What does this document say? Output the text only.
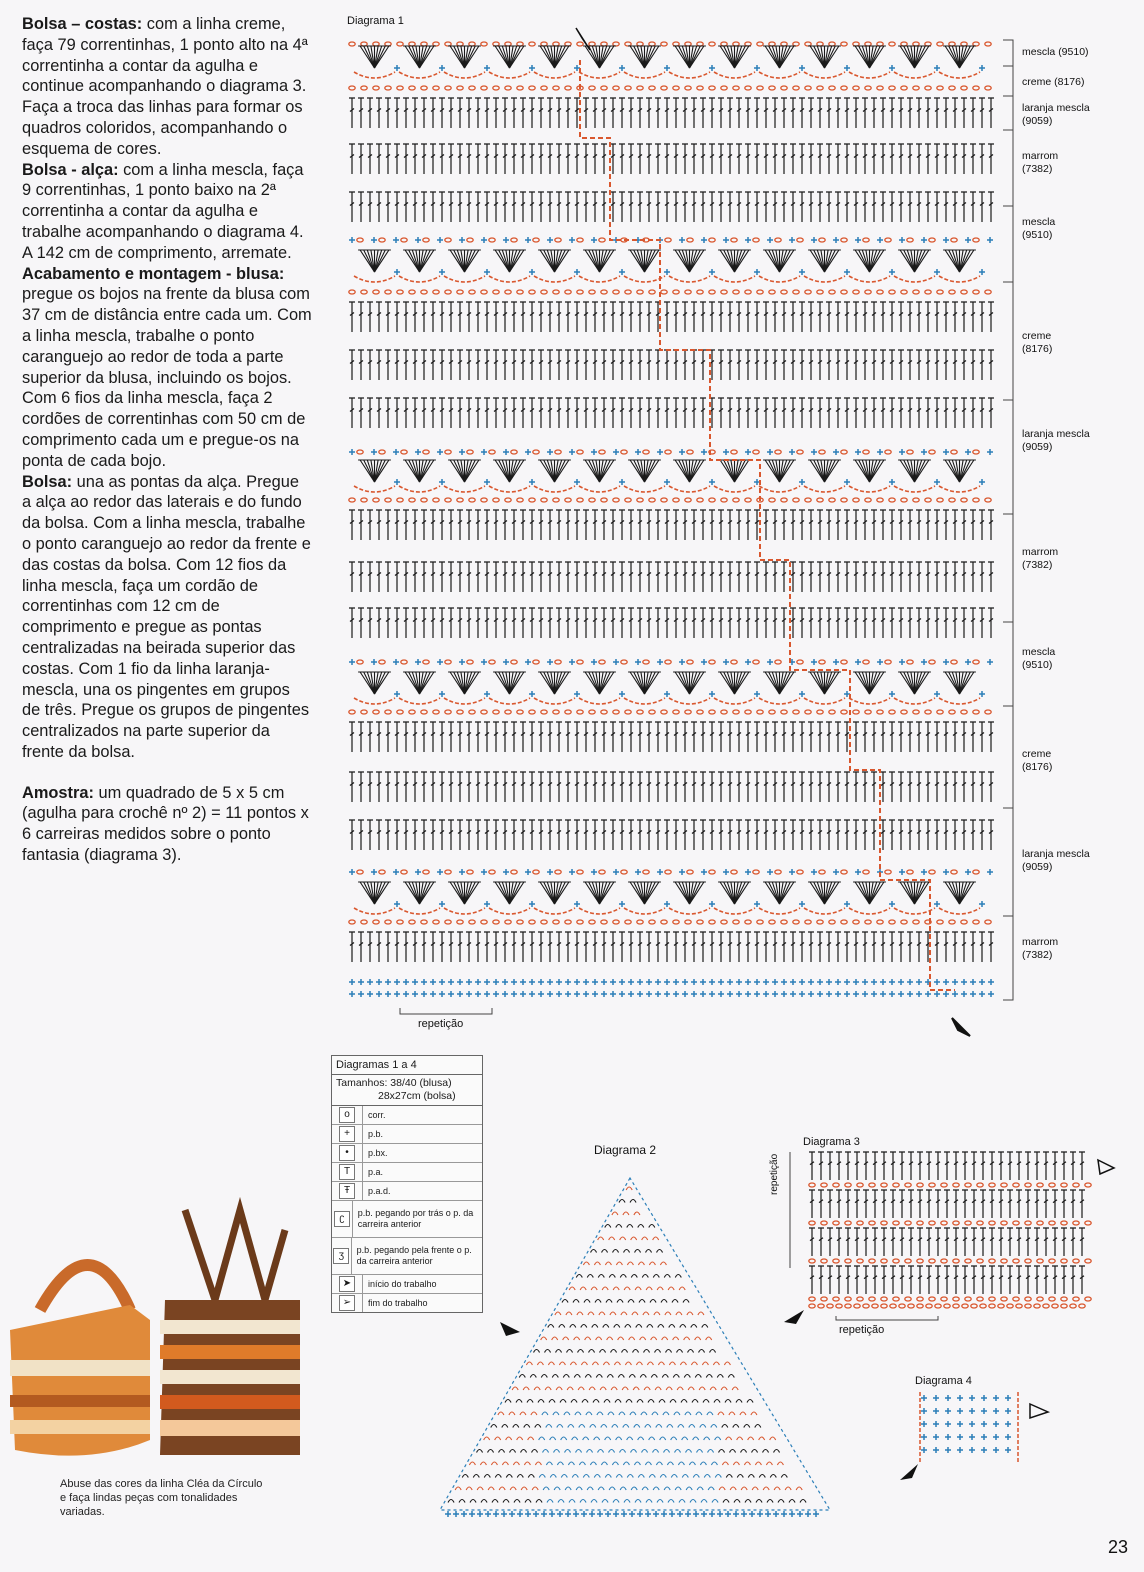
Bolsa – costas: com a linha creme, faça 79 correntinhas, 1 ponto alto na 4ª correntinha a contar da agulha e continue acompanhando o diagrama 3. Faça a troca das linhas para formar os quadros coloridos, acompanhando o esquema de cores.

Bolsa - alça: com a linha mescla, faça 9 correntinhas, 1 ponto baixo na 2ª correntinha a contar da agulha e trabalhe acompanhando o diagrama 4. A 142 cm de comprimento, arremate.

Acabamento e montagem - blusa: pregue os bojos na frente da blusa com 37 cm de distância entre cada um. Com a linha mescla, trabalhe o ponto caranguejo ao redor de toda a parte superior da blusa, incluindo os bojos. Com 6 fios da linha mescla, faça 2 cordões de correntinhas com 50 cm de comprimento cada um e pregue-os na ponta de cada bojo.

Bolsa: una as pontas da alça. Pregue a alça ao redor das laterais e do fundo da bolsa. Com a linha mescla, trabalhe o ponto caranguejo ao redor da frente e das costas da bolsa. Com 12 fios da linha mescla, faça um cordão de correntinhas com 12 cm de comprimento e pregue as pontas centralizadas na beirada superior das costas. Com 1 fio da linha laranja-mescla, una os pingentes em grupos de três. Pregue os grupos de pingentes centralizados na parte superior da frente da bolsa.

Amostra: um quadrado de 5 x 5 cm (agulha para crochê nº 2) = 11 pontos x 6 carreiras medidos sobre o ponto fantasia (diagrama 3).

Diagrama 1
repetição
Diagrama 2
Diagrama 3
repetição
repetição
Diagrama 4
mescla (9510)
creme (8176)
laranja mescla
(9059)
marrom
(7382)
mescla
(9510)
creme
(8176)
laranja mescla
(9059)
marrom
(7382)
mescla
(9510)
creme
(8176)
laranja mescla
(9059)
marrom
(7382)
Diagramas 1 a 4
Tamanhos: 38/40 (blusa)
28x27cm (bolsa)
o	corr.
+	p.b.
•	p.bx.
T	p.a.
Ŧ	p.a.d.
ʗ	p.b. pegando por trás o p. da carreira anterior
ʒ	p.b. pegando pela frente o p. da carreira anterior
➤	início do trabalho
➢	fim do trabalho
Abuse das cores da linha Cléa da Círculo e faça lindas peças com tonalidades variadas.
23
